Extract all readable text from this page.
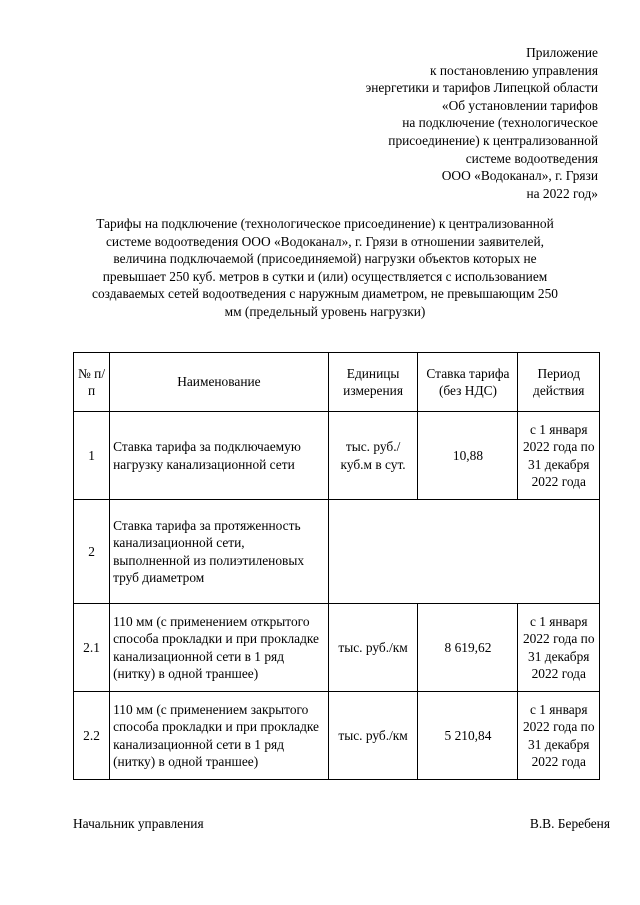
Приложение
к постановлению управления
энергетики и тарифов Липецкой области
«Об установлении тарифов
на подключение (технологическое
присоединение) к централизованной
системе водоотведения
ООО «Водоканал», г. Грязи
на 2022 год»
Тарифы на подключение (технологическое присоединение) к централизованной системе водоотведения ООО «Водоканал», г. Грязи в отношении заявителей, величина подключаемой (присоединяемой) нагрузки объектов которых не превышает 250 куб. метров в сутки и (или) осуществляется с использованием создаваемых сетей водоотведения с наружным диаметром, не превышающим 250 мм (предельный уровень нагрузки)
№ п/п	Наименование	Единицы измерения	Ставка тарифа (без НДС)	Период действия
1	Ставка тарифа за подключаемую нагрузку канализационной сети	тыс. руб./ куб.м в сут.	10,88	с 1 января 2022 года по 31 декабря 2022 года
2	Ставка тарифа за протяженность канализационной сети, выполненной из полиэтиленовых труб диаметром			
2.1	110 мм (с применением открытого способа прокладки и при прокладке канализационной сети в 1 ряд (нитку) в одной траншее)	тыс. руб./км	8 619,62	с 1 января 2022 года по 31 декабря 2022 года
2.2	110 мм (с применением закрытого способа прокладки и при прокладке канализационной сети в 1 ряд (нитку) в одной траншее)	тыс. руб./км	5 210,84	с 1 января 2022 года по 31 декабря 2022 года
Начальник управления	В.В. Беребеня
